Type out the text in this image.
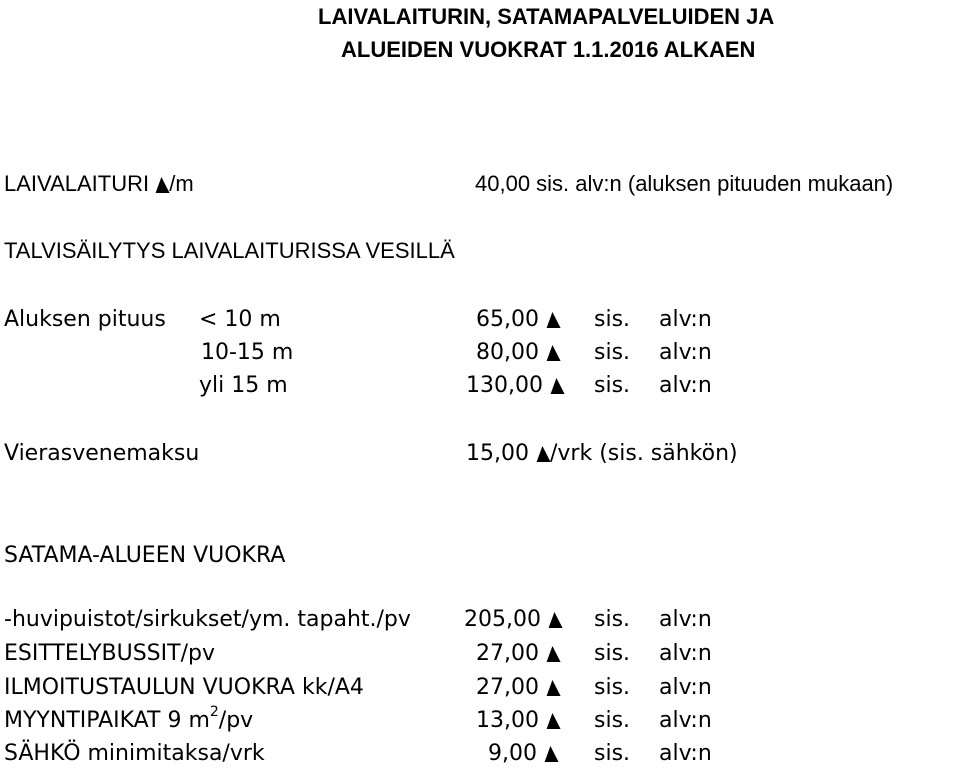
LAIVALAITURIN, SATAMAPALVELUIDEN JA
ALUEIDEN VUOKRAT 1.1.2016 ALKAEN
LAIVALAITURI /m	40,00 sis. alv:n (aluksen pituuden mukaan)
TALVISÄILYTYS LAIVALAITURISSA VESILLÄ
Aluksen pituus < 10 m	65,00	sis. alv:n
10-15 m	80,00	sis. alv:n
yli 15 m	130,00	sis. alv:n
Vierasvenemaksu	15,00 /vrk (sis. sähkön)
SATAMA-ALUEEN VUOKRA
-huvipuistot/sirkukset/ym. tapaht./pv 205,00	sis. alv:n
ESITTELYBUSSIT/pv	27,00	sis. alv:n
ILMOITUSTAULUN VUOKRA kk/A4	27,00	sis. alv:n
MYYNTIPAIKAT 9 $m^2/pv$	13,00	sis. alv:n
SÄHKÖ minimitaksa/vrk	9,00	sis. alv:n
